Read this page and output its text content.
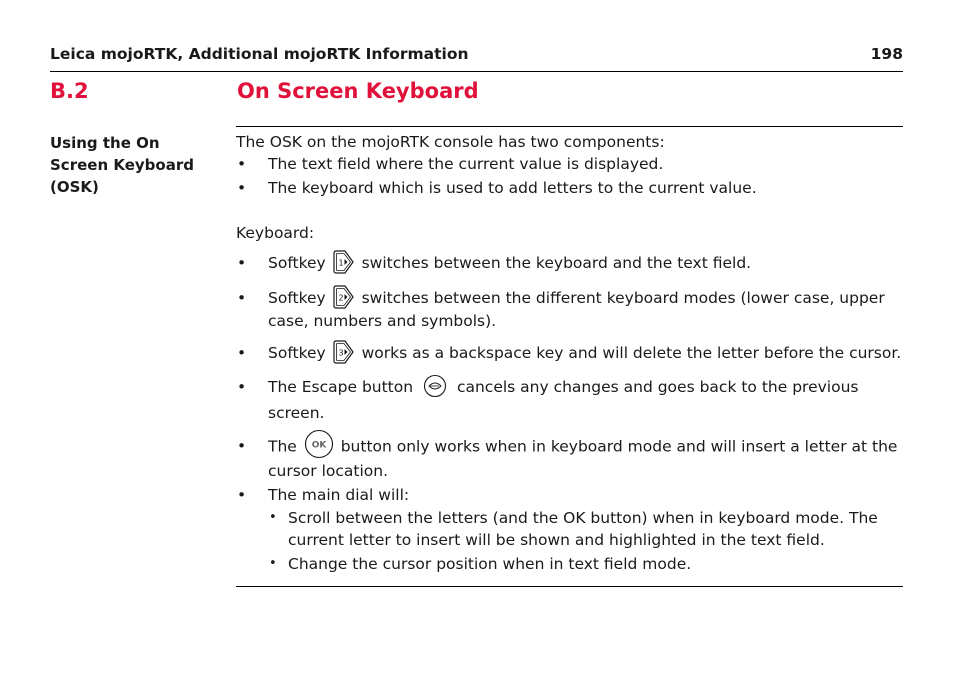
Leica mojoRTK, Additional mojoRTK Information	198
B.2	On Screen Keyboard
Using the On Screen Keyboard (OSK)
The OSK on the mojoRTK console has two components:
• The text field where the current value is displayed.
• The keyboard which is used to add letters to the current value.
Keyboard:
• Softkey 1 switches between the keyboard and the text field.
• Softkey 2 switches between the different keyboard modes (lower case, upper
case, numbers and symbols).
• Softkey 3 works as a backspace key and will delete the letter before the cursor.
• The Escape button	cancels any changes and goes back to the previous
screen.
• The OK button only works when in keyboard mode and will insert a letter at the
cursor location.
• The main dial will:
• Scroll between the letters (and the OK button) when in keyboard mode. The
current letter to insert will be shown and highlighted in the text field.
• Change the cursor position when in text field mode.
